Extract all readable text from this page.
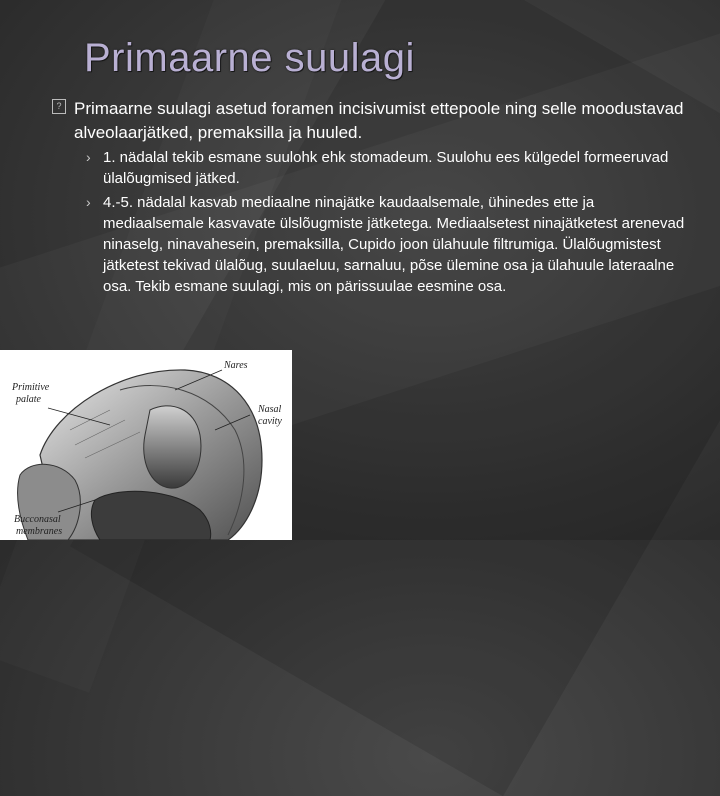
Primaarne suulagi
? Primaarne suulagi asetud foramen incisivumist ettepoole ning selle moodustavad alveolaarjätked, premaksilla ja huuled.
› 1. nädalal tekib esmane suulohk ehk stomadeum. Suulohu ees külgedel formeeruvad ülalõugmised jätked.
› 4.-5. nädalal kasvab mediaalne ninajätke kaudaalsemale, ühinedes ette ja mediaalsemale kasvavate ülslõugmiste jätketega. Mediaalsetest ninajätketest arenevad ninaselg, ninavahesein, premaksilla, Cupido joon ülahuule filtrumiga. Ülalõugmistest jätketest tekivad ülalõug, suulaeluu, sarnaluu, põse ülemine osa ja ülahuule lateraalne osa. Tekib esmane suulagi, mis on pärissuulae eesmine osa.
Primitive
palate
Nares
Nasal
cavity
Bucconasal
membranes
